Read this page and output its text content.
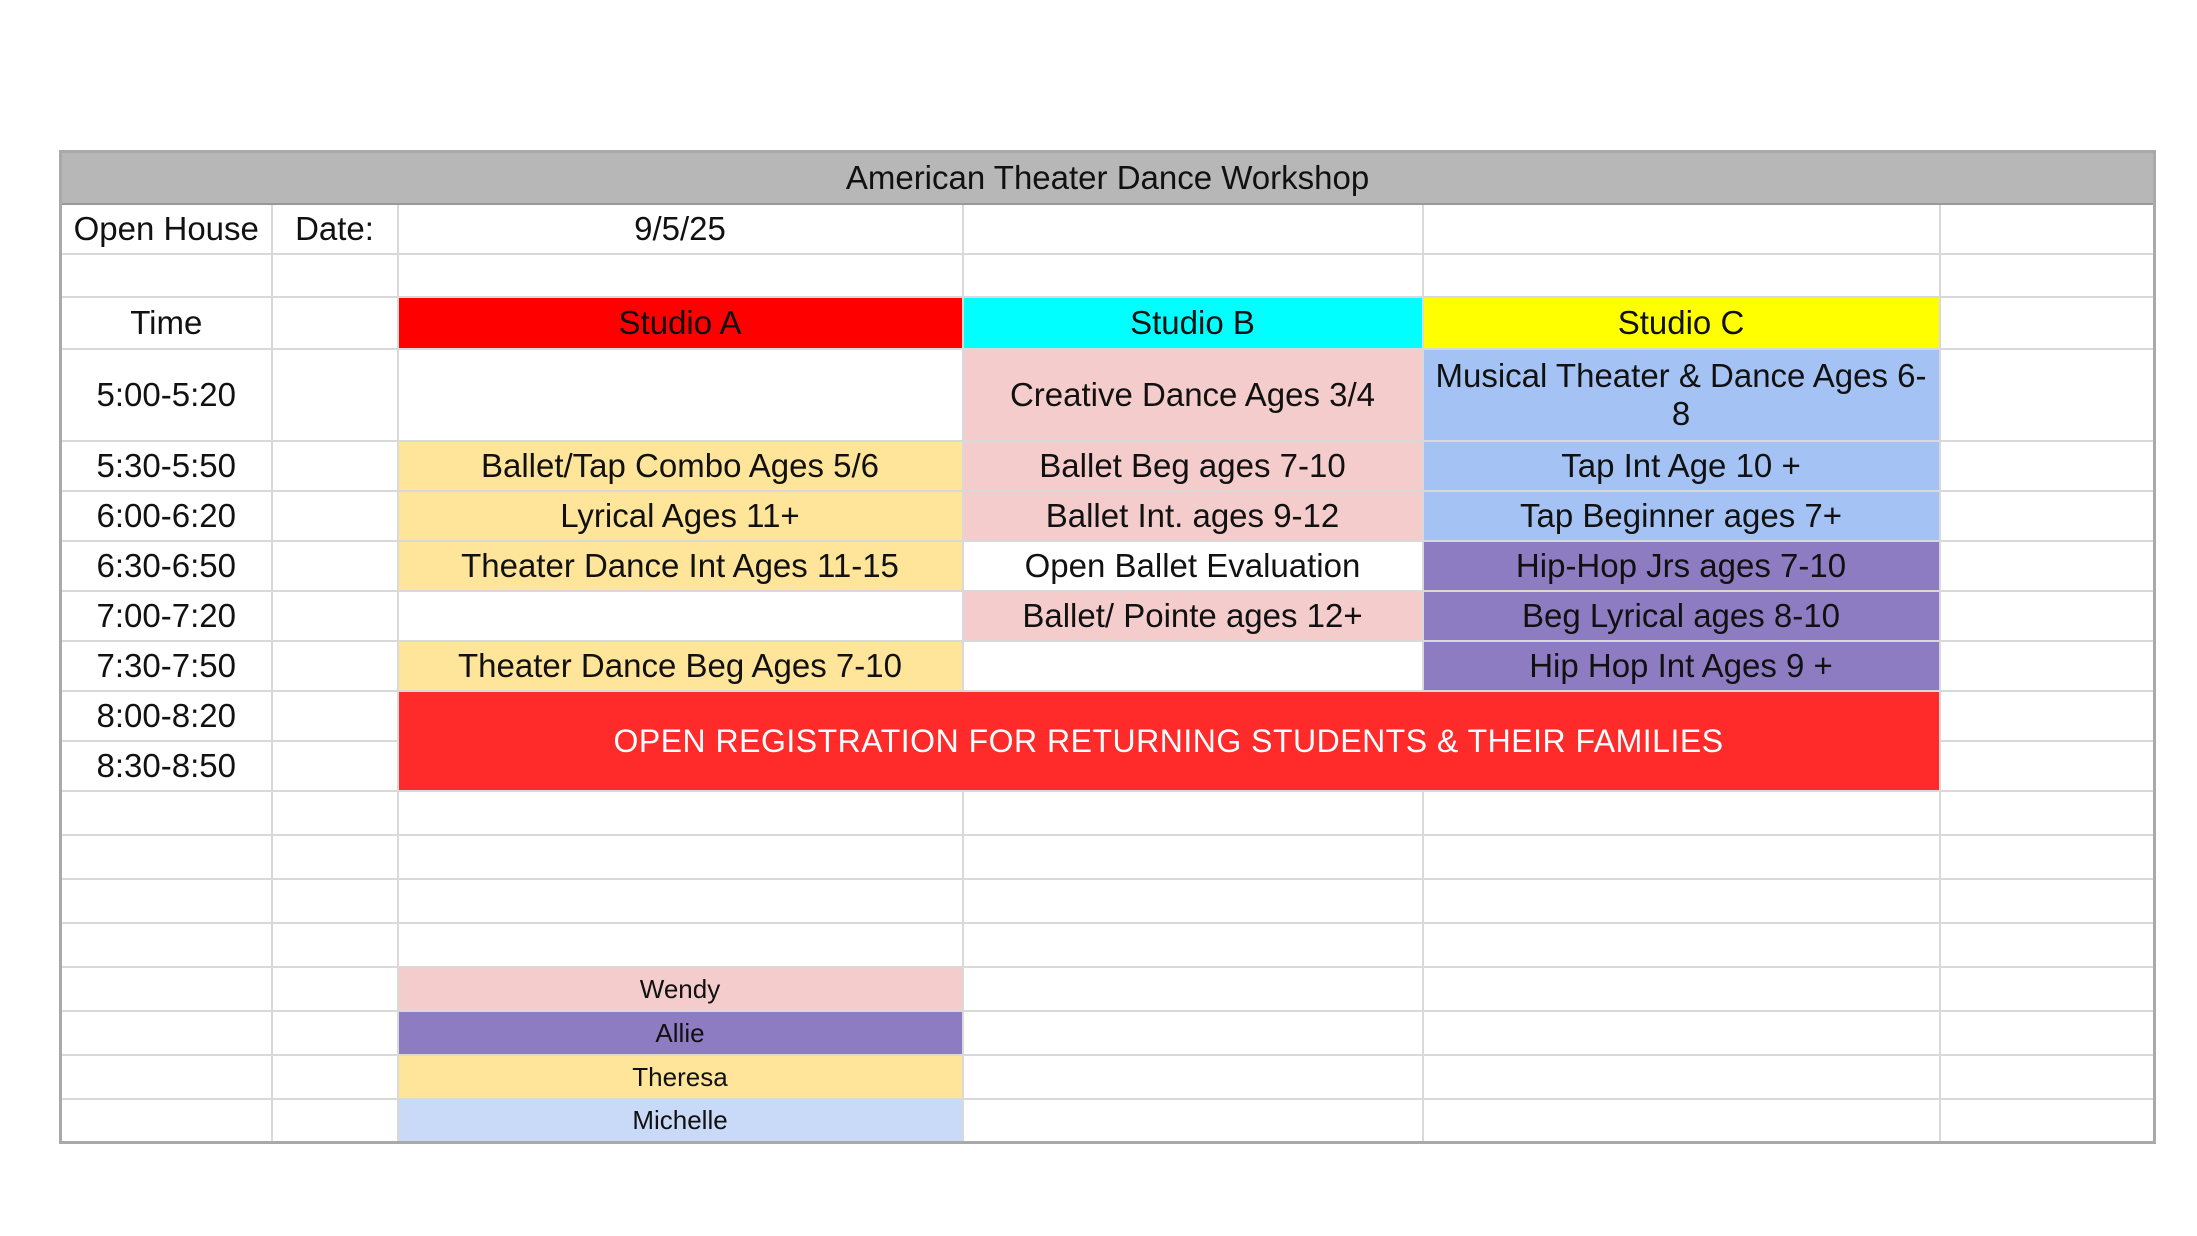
American Theater Dance Workshop					
Open House	Date:	9/5/25			

Time		Studio A	Studio B	Studio C	
5:00-5:20			Creative Dance Ages 3/4	Musical Theater & Dance Ages 6-8	
5:30-5:50		Ballet/Tap Combo Ages 5/6	Ballet Beg ages 7-10	Tap Int Age 10 +	
6:00-6:20		Lyrical Ages 11+	Ballet Int. ages 9-12	Tap Beginner ages 7+	
6:30-6:50		Theater Dance Int Ages 11-15	Open Ballet Evaluation	Hip-Hop Jrs ages 7-10	
7:00-7:20			Ballet/ Pointe ages 12+	Beg Lyrical ages 8-10	
7:30-7:50		Theater Dance Beg Ages 7-10		Hip Hop Int Ages 9 +	
8:00-8:20		OPEN REGISTRATION FOR RETURNING STUDENTS & THEIR FAMILIES			
8:30-8:50					

		Wendy			
		Allie			
		Theresa			
		Michelle			
